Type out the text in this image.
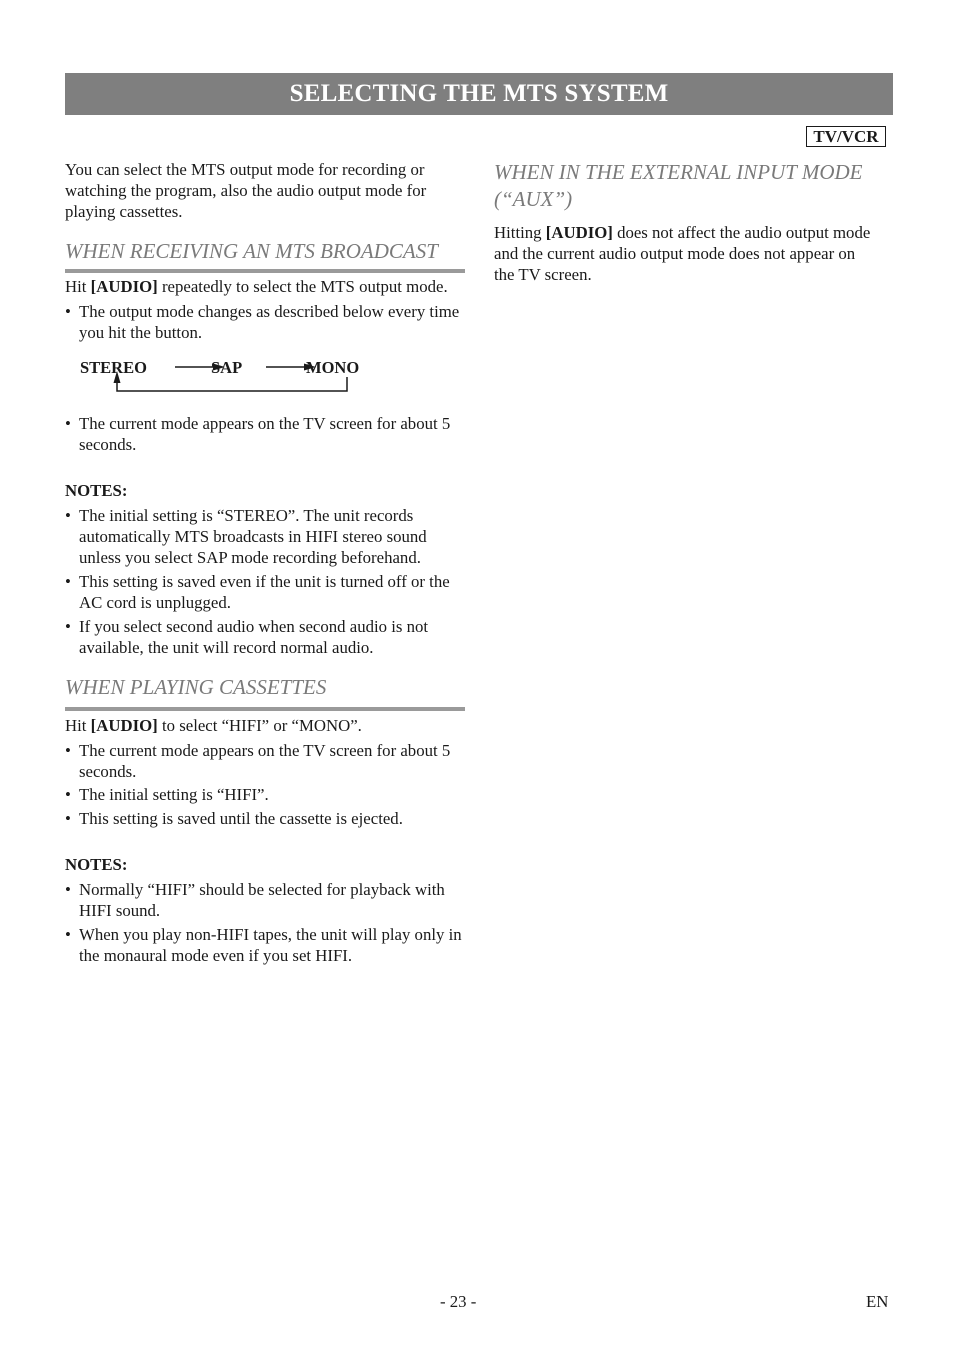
SELECTING THE MTS SYSTEM
TV/VCR

You can select the MTS output mode for recording or watching the program, also the audio output mode for playing cassettes.

WHEN RECEIVING AN MTS BROADCAST

Hit [AUDIO] repeatedly to select the MTS output mode.

• The output mode changes as described below every time you hit the button.
STEREO	SAP	MONO
• The current mode appears on the TV screen for about 5 seconds.

NOTES:

• The initial setting is “STEREO”. The unit records automatically MTS broadcasts in HIFI stereo sound unless you select SAP mode recording beforehand.
• This setting is saved even if the unit is turned off or the AC cord is unplugged.
• If you select second audio when second audio is not available, the unit will record normal audio.
WHEN PLAYING CASSETTES

Hit [AUDIO] to select “HIFI” or “MONO”.

• The current mode appears on the TV screen for about 5 seconds.
• The initial setting is “HIFI”.
• This setting is saved until the cassette is ejected.

NOTES:

• Normally “HIFI” should be selected for playback with HIFI sound.
• When you play non-HIFI tapes, the unit will play only in the monaural mode even if you set HIFI.
WHEN IN THE EXTERNAL INPUT MODE (“AUX”)

Hitting [AUDIO] does not affect the audio output mode and the current audio output mode does not appear on the TV screen.

- 23 -	EN
